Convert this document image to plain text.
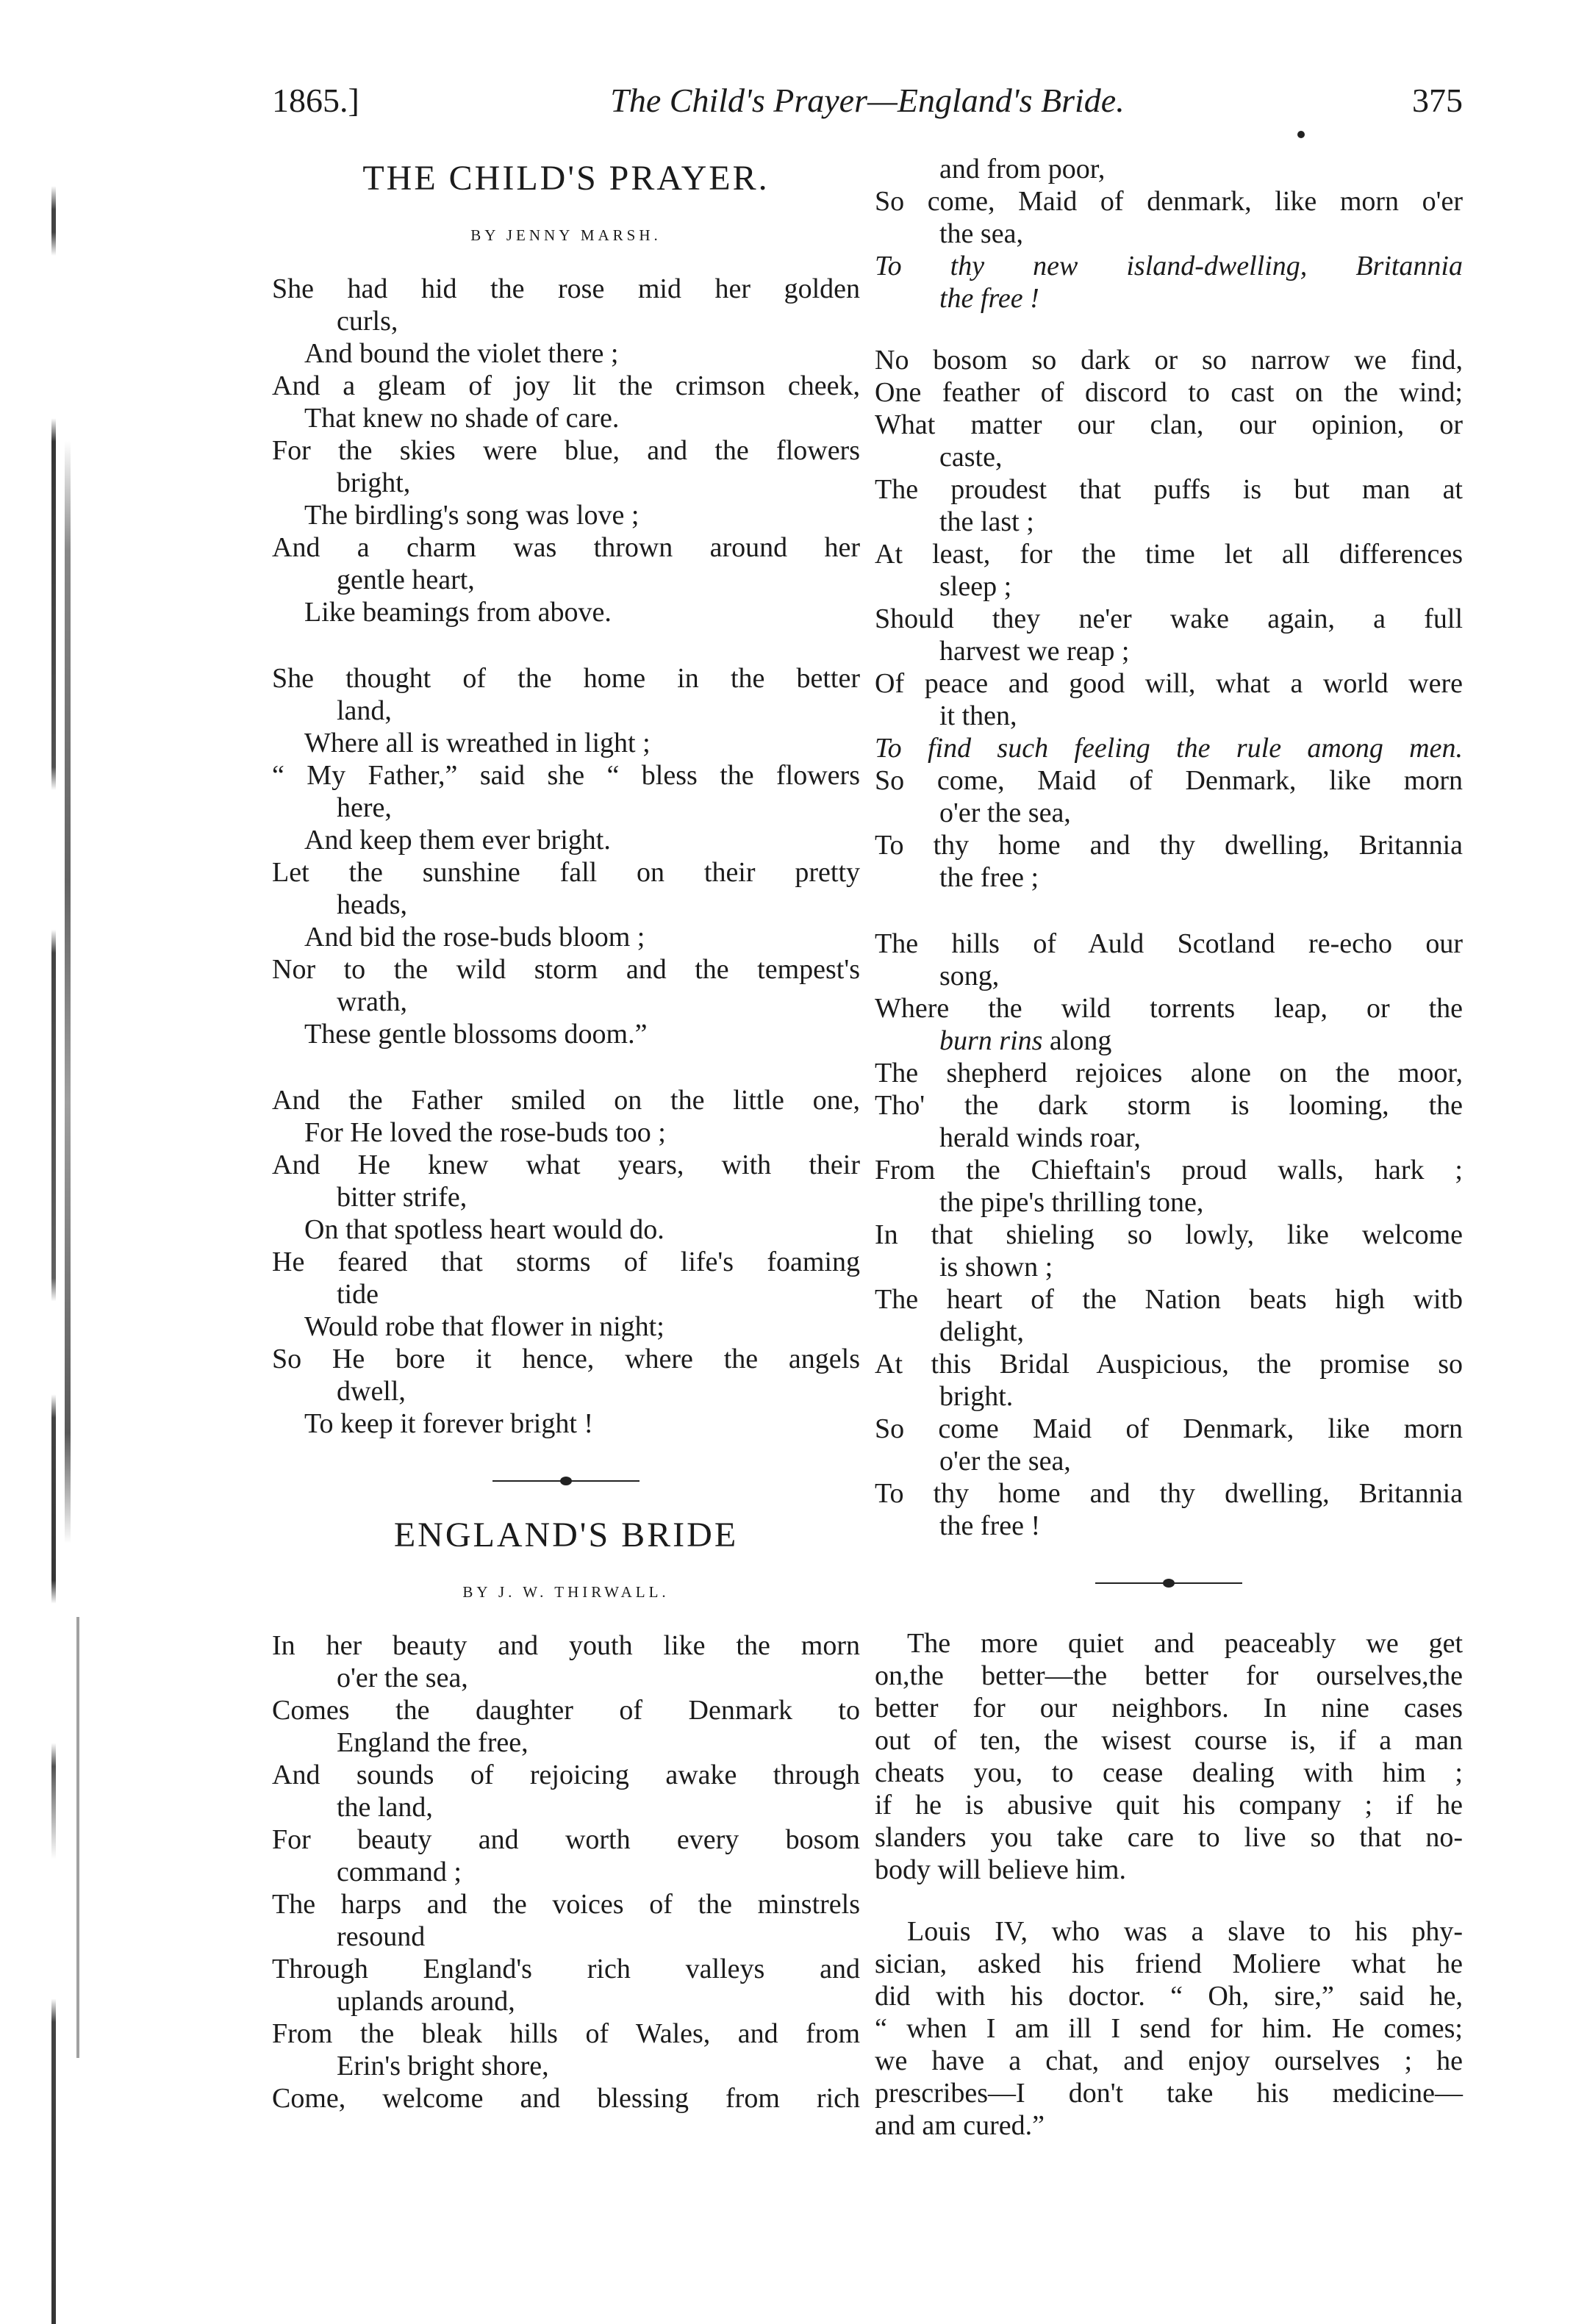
1865.]	The Child's Prayer—England's Bride.	375
THE CHILD'S PRAYER.
BY JENNY MARSH.
She had hid the rose mid her golden
curls,
And bound the violet there ;
And a gleam of joy lit the crimson cheek,
That knew no shade of care.
For the skies were blue, and the flowers
bright,
The birdling's song was love ;
And a charm was thrown around her
gentle heart,
Like beamings from above.
She thought of the home in the better
land,
Where all is wreathed in light ;
“ My Father,” said she “ bless the flowers
here,
And keep them ever bright.
Let the sunshine fall on their pretty
heads,
And bid the rose-buds bloom ;
Nor to the wild storm and the tempest's
wrath,
These gentle blossoms doom.”
And the Father smiled on the little one,
For He loved the rose-buds too ;
And He knew what years, with their
bitter strife,
On that spotless heart would do.
He feared that storms of life's foaming
tide
Would robe that flower in night;
So He bore it hence, where the angels
dwell,
To keep it forever bright !
ENGLAND'S BRIDE
BY J. W. THIRWALL.
In her beauty and youth like the morn
o'er the sea,
Comes the daughter of Denmark to
England the free,
And sounds of rejoicing awake through
the land,
For beauty and worth every bosom
command ;
The harps and the voices of the minstrels
resound
Through England's rich valleys and
uplands around,
From the bleak hills of Wales, and from
Erin's bright shore,
Come, welcome and blessing from rich
and from poor,
So come, Maid of denmark, like morn o'er
the sea,
To thy new island-dwelling, Britannia
the free !
No bosom so dark or so narrow we find,
One feather of discord to cast on the wind;
What matter our clan, our opinion, or
caste,
The proudest that puffs is but man at
the last ;
At least, for the time let all differences
sleep ;
Should they ne'er wake again, a full
harvest we reap ;
Of peace and good will, what a world were
it then,
To find such feeling the rule among men.
So come, Maid of Denmark, like morn
o'er the sea,
To thy home and thy dwelling, Britannia
the free ;
The hills of Auld Scotland re-echo our
song,
Where the wild torrents leap, or the
burn rins along
The shepherd rejoices alone on the moor,
Tho' the dark storm is looming, the
herald winds roar,
From the Chieftain's proud walls, hark ;
the pipe's thrilling tone,
In that shieling so lowly, like welcome
is shown ;
The heart of the Nation beats high witb
delight,
At this Bridal Auspicious, the promise so
bright.
So come Maid of Denmark, like morn
o'er the sea,
To thy home and thy dwelling, Britannia
the free !
The more quiet and peaceably we get
on,the better—the better for ourselves,the
better for our neighbors. In nine cases
out of ten, the wisest course is, if a man
cheats you, to cease dealing with him ;
if he is abusive quit his company ; if he
slanders you take care to live so that no-
body will believe him.
Louis IV, who was a slave to his phy-
sician, asked his friend Moliere what he
did with his doctor. “ Oh, sire,” said he,
“ when I am ill I send for him. He comes;
we have a chat, and enjoy ourselves ; he
prescribes—I don't take his medicine—
and am cured.”
